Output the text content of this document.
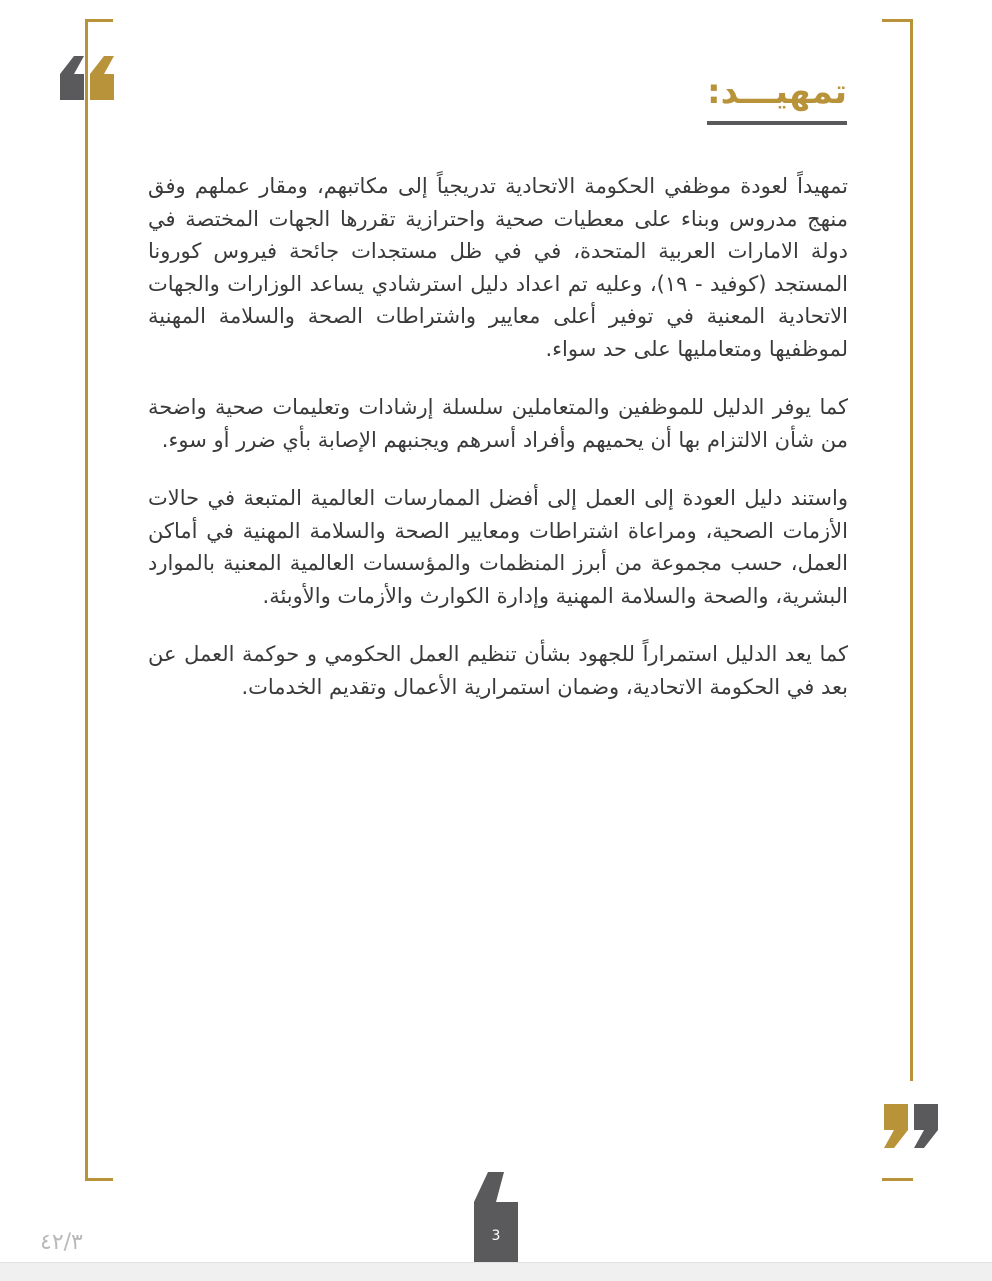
تمهيـــد:

تمهيداً لعودة موظفي الحكومة الاتحادية تدريجياً إلى مكاتبهم، ومقار عملهم وفق منهج مدروس وبناء على معطيات صحية واحترازية تقررها الجهات المختصة في دولة الامارات العربية المتحدة، في في ظل مستجدات جائحة فيروس كورونا المستجد (كوفيد - ١٩)، وعليه تم اعداد دليل استرشادي يساعد الوزارات والجهات الاتحادية المعنية في توفير أعلى معايير واشتراطات الصحة والسلامة المهنية لموظفيها ومتعامليها على حد سواء.

كما يوفر الدليل للموظفين والمتعاملين سلسلة إرشادات وتعليمات صحية واضحة من شأن الالتزام بها أن يحميهم وأفراد أسرهم ويجنبهم الإصابة بأي ضرر أو سوء.

واستند دليل العودة إلى العمل إلى أفضل الممارسات العالمية المتبعة في حالات الأزمات الصحية، ومراعاة اشتراطات ومعايير الصحة والسلامة المهنية في أماكن العمل، حسب مجموعة من أبرز المنظمات والمؤسسات العالمية المعنية بالموارد البشرية، والصحة والسلامة المهنية وإدارة الكوارث والأزمات والأوبئة.

كما يعد الدليل استمراراً للجهود بشأن تنظيم العمل الحكومي و حوكمة العمل عن بعد في الحكومة الاتحادية، وضمان استمرارية الأعمال وتقديم الخدمات.

3
٤٢/٣
